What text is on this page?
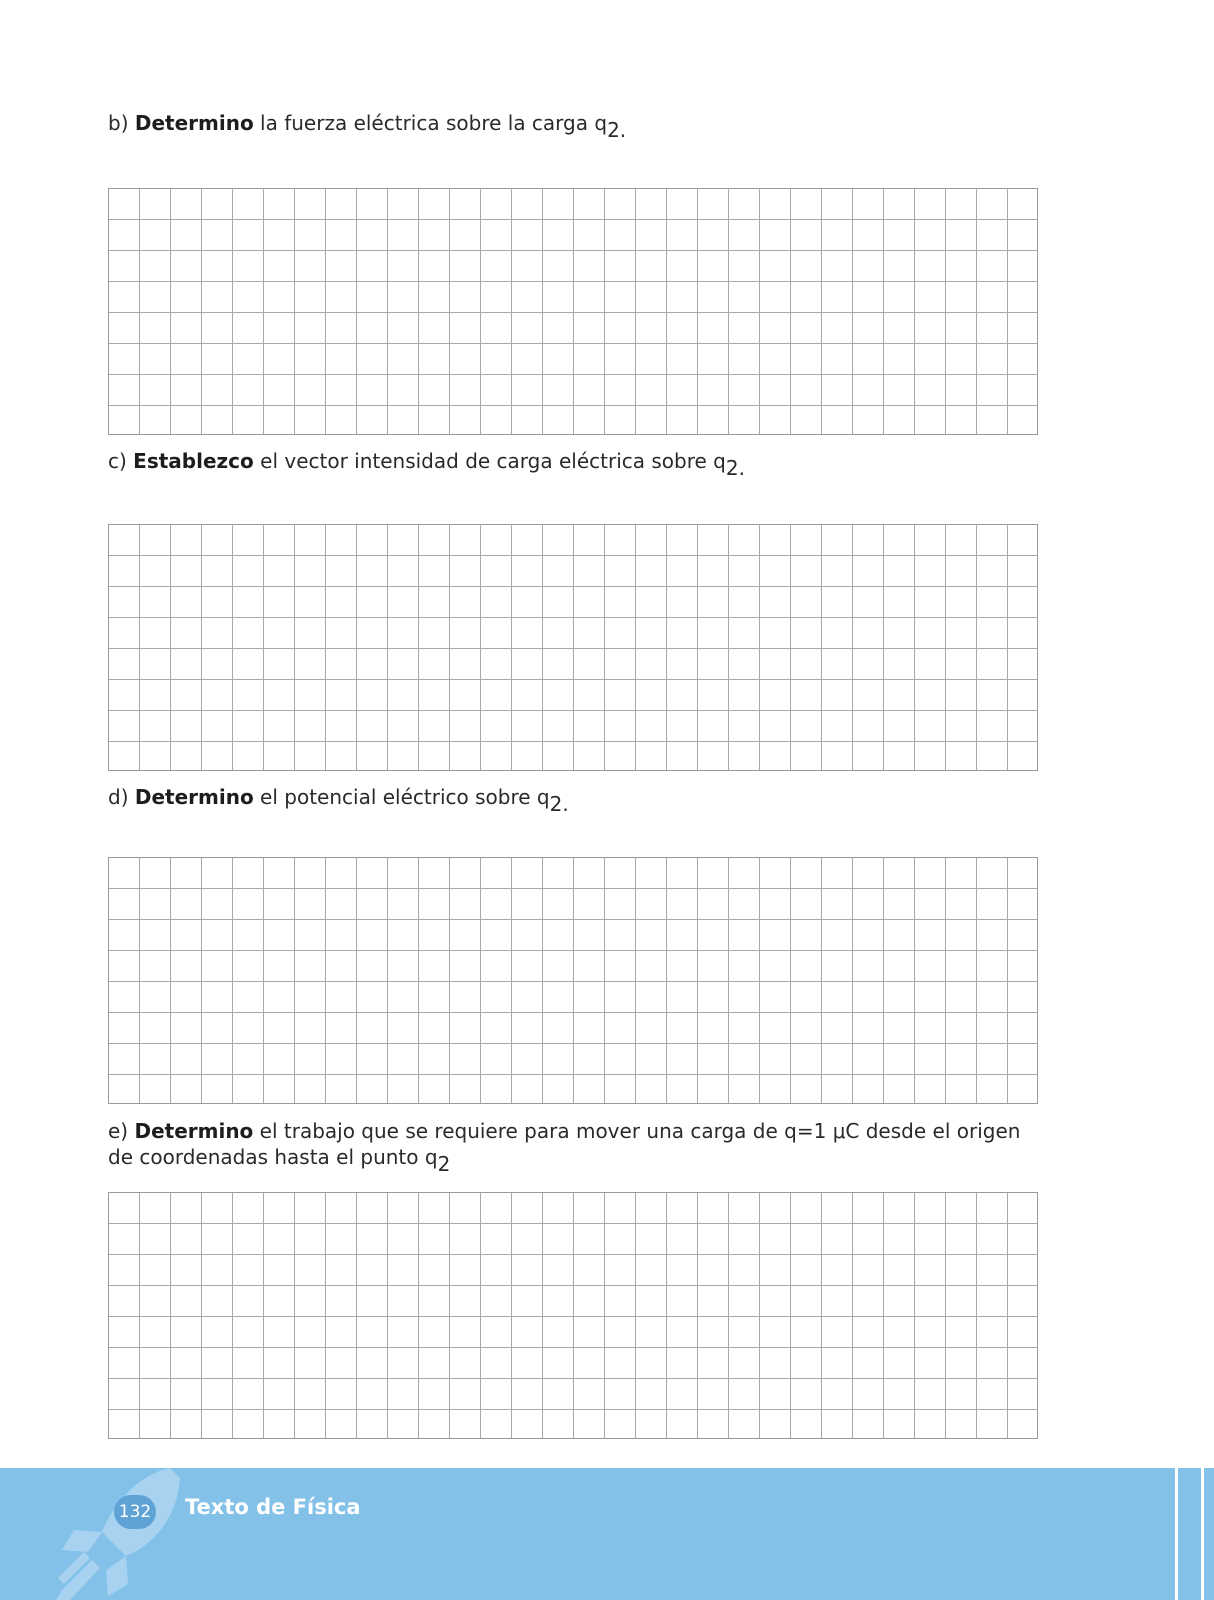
b) Determino la fuerza eléctrica sobre la carga q2.

c) Establezco el vector intensidad de carga eléctrica sobre q2.

d) Determino el potencial eléctrico sobre q2.

e) Determino el trabajo que se requiere para mover una carga de q=1 μC desde el origen de coordenadas hasta el punto q2

132 Texto de Física
